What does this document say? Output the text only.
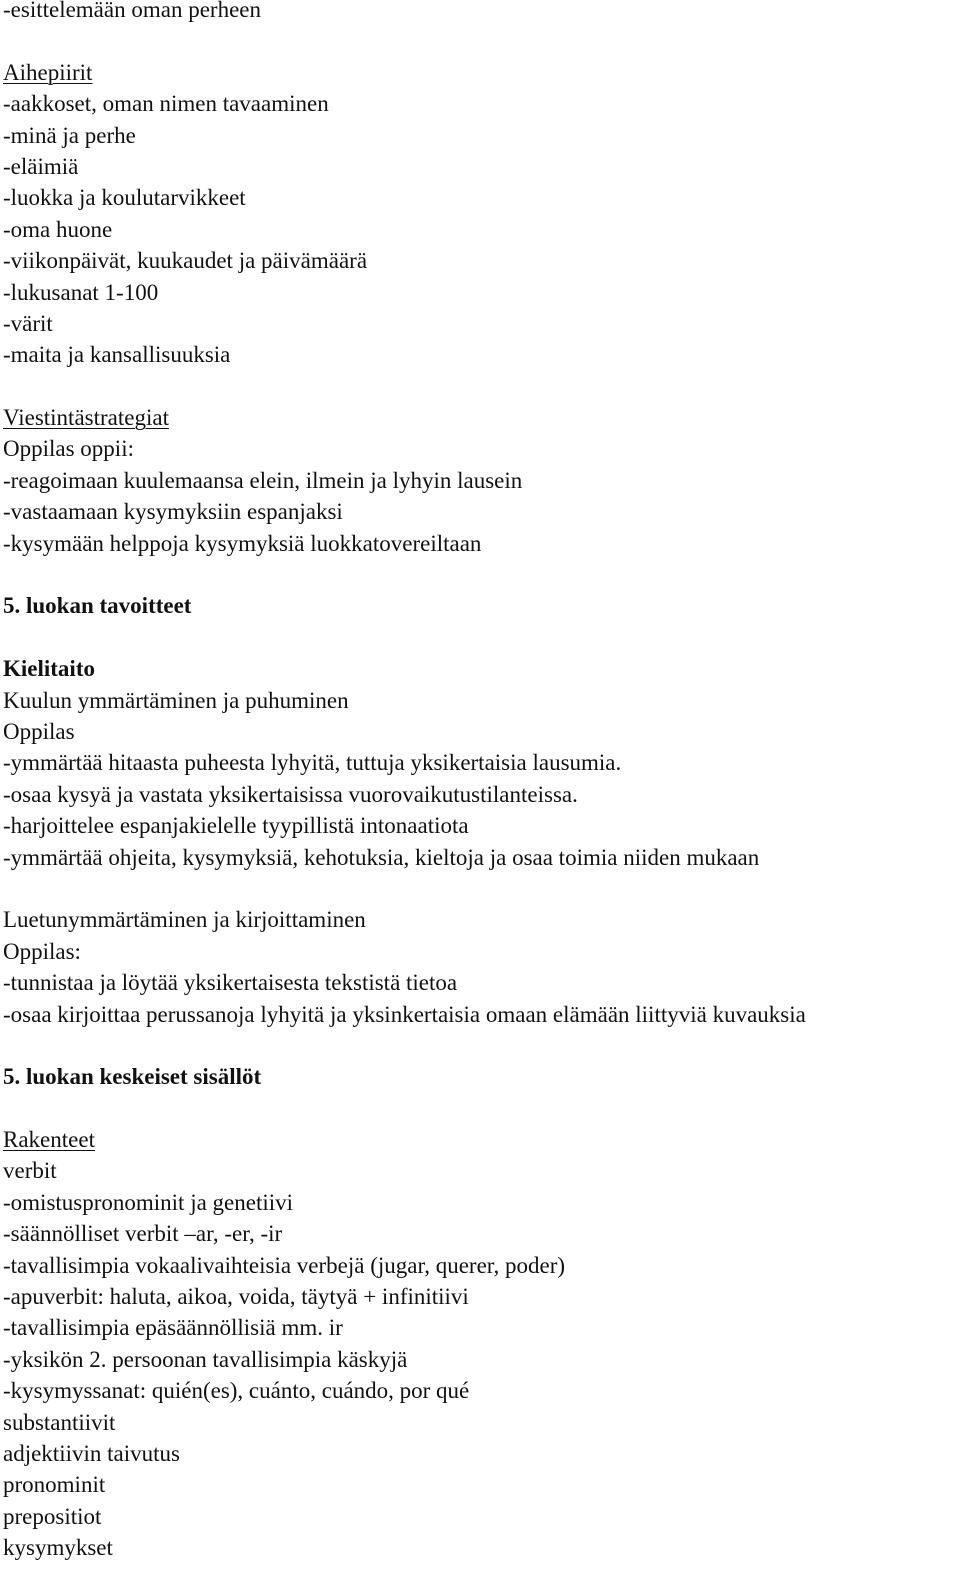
-esittelemään oman perheen
Aihepiirit
-aakkoset, oman nimen tavaaminen
-minä ja perhe
-eläimiä
-luokka ja koulutarvikkeet
-oma huone
-viikonpäivät, kuukaudet ja päivämäärä
-lukusanat 1-100
-värit
-maita ja kansallisuuksia
Viestintästrategiat
Oppilas oppii:
-reagoimaan kuulemaansa elein, ilmein ja lyhyin lausein
-vastaamaan kysymyksiin espanjaksi
-kysymään helppoja kysymyksiä luokkatovereiltaan
5. luokan tavoitteet
Kielitaito
Kuulun ymmärtäminen ja puhuminen
Oppilas
-ymmärtää hitaasta puheesta lyhyitä, tuttuja yksikertaisia lausumia.
-osaa kysyä ja vastata yksikertaisissa vuorovaikutustilanteissa.
-harjoittelee espanjakielelle tyypillistä intonaatiota
-ymmärtää ohjeita, kysymyksiä, kehotuksia, kieltoja ja osaa toimia niiden mukaan
Luetunymmärtäminen ja kirjoittaminen
Oppilas:
-tunnistaa ja löytää yksikertaisesta tekstistä tietoa
-osaa kirjoittaa perussanoja lyhyitä ja yksinkertaisia omaan elämään liittyviä kuvauksia
5. luokan keskeiset sisällöt
Rakenteet
verbit
-omistuspronominit ja genetiivi
-säännölliset verbit –ar, -er, -ir
-tavallisimpia vokaalivaihteisia verbejä (jugar, querer, poder)
-apuverbit: haluta, aikoa, voida, täytyä + infinitiivi
-tavallisimpia epäsäännöllisiä mm. ir
-yksikön 2. persoonan tavallisimpia käskyjä
-kysymyssanat: quién(es), cuánto, cuándo, por qué
substantiivit
adjektiivin taivutus
pronominit
prepositiot
kysymykset
